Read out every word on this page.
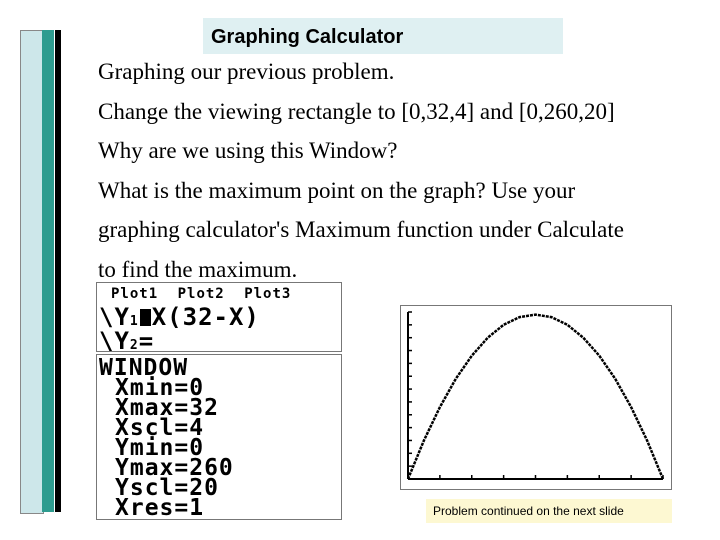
Graphing Calculator
Graphing our previous problem.
Change the viewing rectangle to [0,32,4] and [0,260,20]
Why are we using this Window?
What is the maximum point on the graph? Use your
graphing calculator's Maximum function under Calculate
to find the maximum.
Plot1 Plot2 Plot3
\Y1 X(32-X)
\Y2=
WINDOW
Xmin=0
Xmax=32
Xscl=4
Ymin=0
Ymax=260
Yscl=20
Xres=1	Problem continued on the next slide
